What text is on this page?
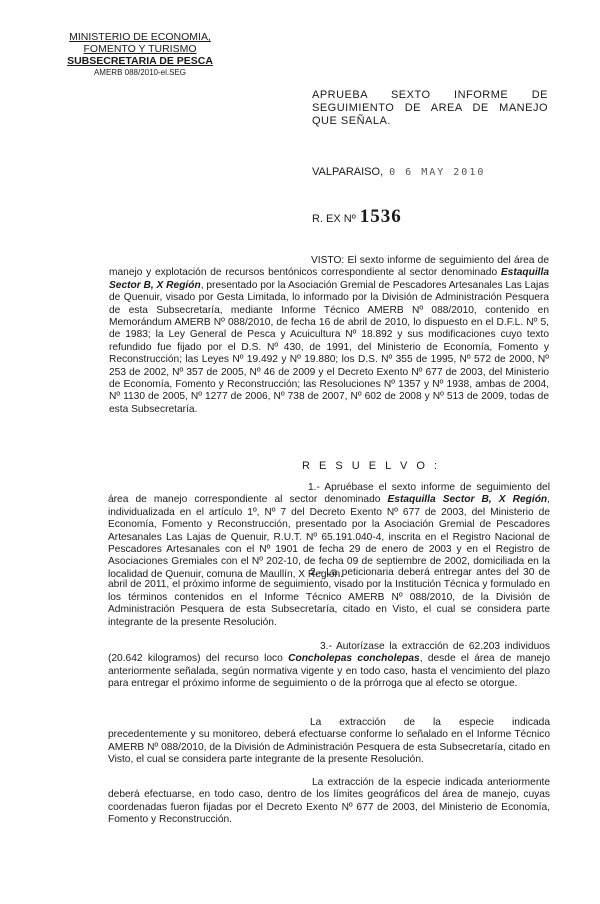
MINISTERIO DE ECONOMIA,
FOMENTO Y TURISMO
SUBSECRETARIA DE PESCA
AMERB 088/2010-el.SEG
APRUEBA SEXTO INFORME DE SEGUIMIENTO DE AREA DE MANEJO QUE SEÑALA.
VALPARAISO, 0 6 MAY 2010
R. EX Nº 1536
VISTO: El sexto informe de seguimiento del área de manejo y explotación de recursos bentónicos correspondiente al sector denominado Estaquilla Sector B, X Región, presentado por la Asociación Gremial de Pescadores Artesanales Las Lajas de Quenuir, visado por Gesta Limitada, lo informado por la División de Administración Pesquera de esta Subsecretaría, mediante Informe Técnico AMERB Nº 088/2010, contenido en Memorándum AMERB Nº 088/2010, de fecha 16 de abril de 2010, lo dispuesto en el D.F.L. Nº 5, de 1983; la Ley General de Pesca y Acuicultura Nº 18.892 y sus modificaciones cuyo texto refundido fue fijado por el D.S. Nº 430, de 1991, del Ministerio de Economía, Fomento y Reconstrucción; las Leyes Nº 19.492 y Nº 19.880; los D.S. Nº 355 de 1995, Nº 572 de 2000, Nº 253 de 2002, Nº 357 de 2005, Nº 46 de 2009 y el Decreto Exento Nº 677 de 2003, del Ministerio de Economía, Fomento y Reconstrucción; las Resoluciones Nº 1357 y Nº 1938, ambas de 2004, Nº 1130 de 2005, Nº 1277 de 2006, Nº 738 de 2007, Nº 602 de 2008 y Nº 513 de 2009, todas de esta Subsecretaría.
R E S U E L V O :
1.- Apruébase el sexto informe de seguimiento del área de manejo correspondiente al sector denominado Estaquilla Sector B, X Región, individualizada en el artículo 1º, Nº 7 del Decreto Exento Nº 677 de 2003, del Ministerio de Economía, Fomento y Reconstrucción, presentado por la Asociación Gremial de Pescadores Artesanales Las Lajas de Quenuir, R.U.T. Nº 65.191.040-4, inscrita en el Registro Nacional de Pescadores Artesanales con el Nº 1901 de fecha 29 de enero de 2003 y en el Registro de Asociaciones Gremiales con el Nº 202-10, de fecha 09 de septiembre de 2002, domiciliada en la localidad de Quenuir, comuna de Maullín, X Región.
2.- La peticionaria deberá entregar antes del 30 de abril de 2011, el próximo informe de seguimiento, visado por la Institución Técnica y formulado en los términos contenidos en el Informe Técnico AMERB Nº 088/2010, de la División de Administración Pesquera de esta Subsecretaría, citado en Visto, el cual se considera parte integrante de la presente Resolución.
3.- Autorízase la extracción de 62.203 individuos (20.642 kilogramos) del recurso loco Concholepas concholepas, desde el área de manejo anteriormente señalada, según normativa vigente y en todo caso, hasta el vencimiento del plazo para entregar el próximo informe de seguimiento o de la prórroga que al efecto se otorgue.
La extracción de la especie indicada precedentemente y su monitoreo, deberá efectuarse conforme lo señalado en el Informe Técnico AMERB Nº 088/2010, de la División de Administración Pesquera de esta Subsecretaría, citado en Visto, el cual se considera parte integrante de la presente Resolución.
La extracción de la especie indicada anteriormente deberá efectuarse, en todo caso, dentro de los límites geográficos del área de manejo, cuyas coordenadas fueron fijadas por el Decreto Exento Nº 677 de 2003, del Ministerio de Economía, Fomento y Reconstrucción.
